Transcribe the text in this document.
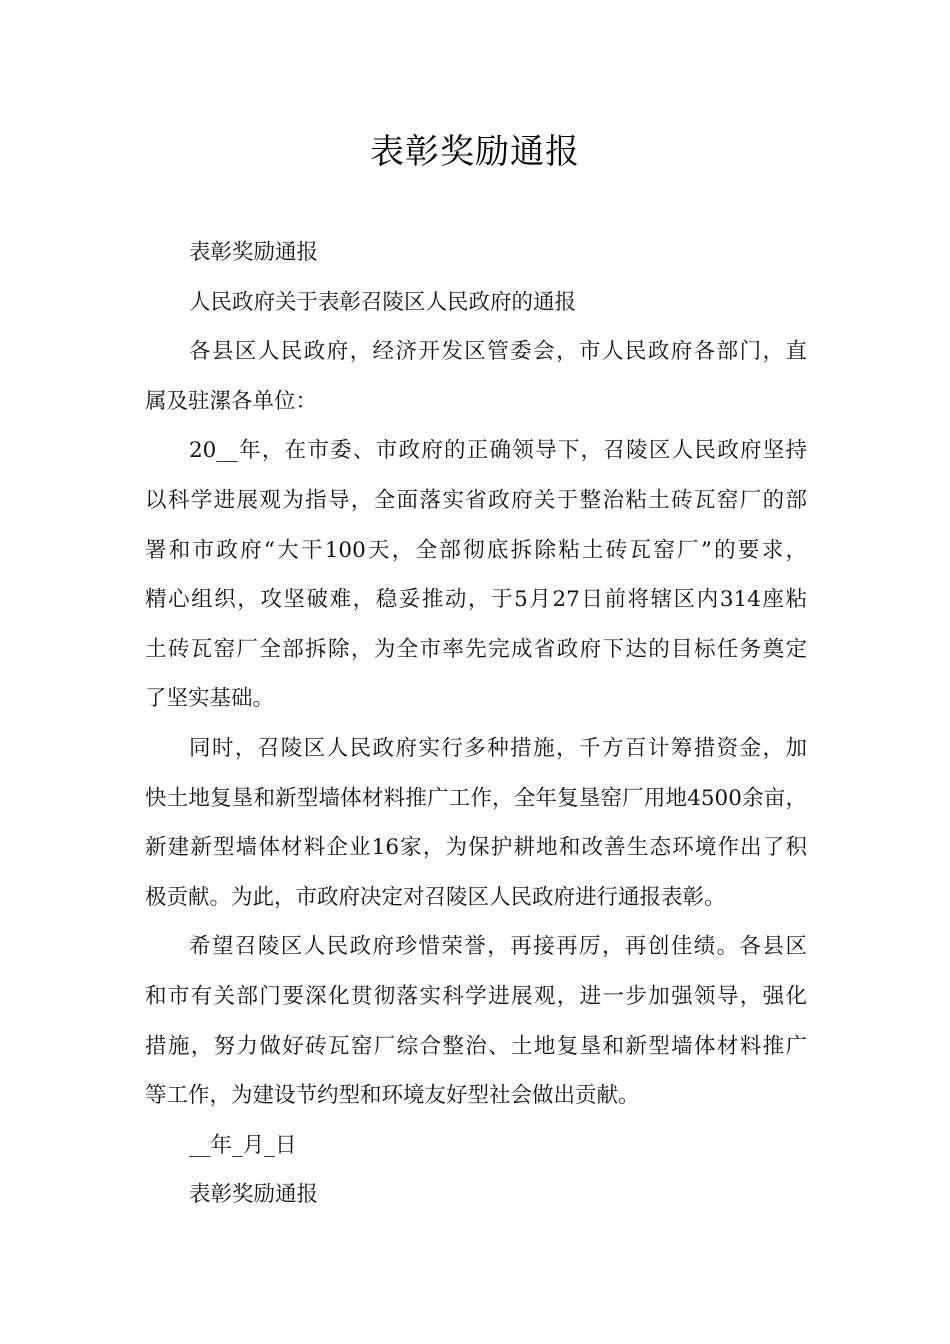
表彰奖励通报
表彰奖励通报
人民政府关于表彰召陵区人民政府的通报
各县区人民政府，经济开发区管委会，市人民政府各部门，直
属及驻漯各单位：
20__年，在市委、市政府的正确领导下，召陵区人民政府坚持
以科学进展观为指导，全面落实省政府关于整治粘土砖瓦窑厂的部
署和市政府“大干100天，全部彻底拆除粘土砖瓦窑厂”的要求，
精心组织，攻坚破难，稳妥推动，于5月27日前将辖区内314座粘
土砖瓦窑厂全部拆除，为全市率先完成省政府下达的目标任务奠定
了坚实基础。
同时，召陵区人民政府实行多种措施，千方百计筹措资金，加
快土地复垦和新型墙体材料推广工作，全年复垦窑厂用地4500余亩，
新建新型墙体材料企业16家，为保护耕地和改善生态环境作出了积
极贡献。为此，市政府决定对召陵区人民政府进行通报表彰。
希望召陵区人民政府珍惜荣誉，再接再厉，再创佳绩。各县区
和市有关部门要深化贯彻落实科学进展观，进一步加强领导，强化
措施，努力做好砖瓦窑厂综合整治、土地复垦和新型墙体材料推广
等工作，为建设节约型和环境友好型社会做出贡献。
__年_月_日
表彰奖励通报
